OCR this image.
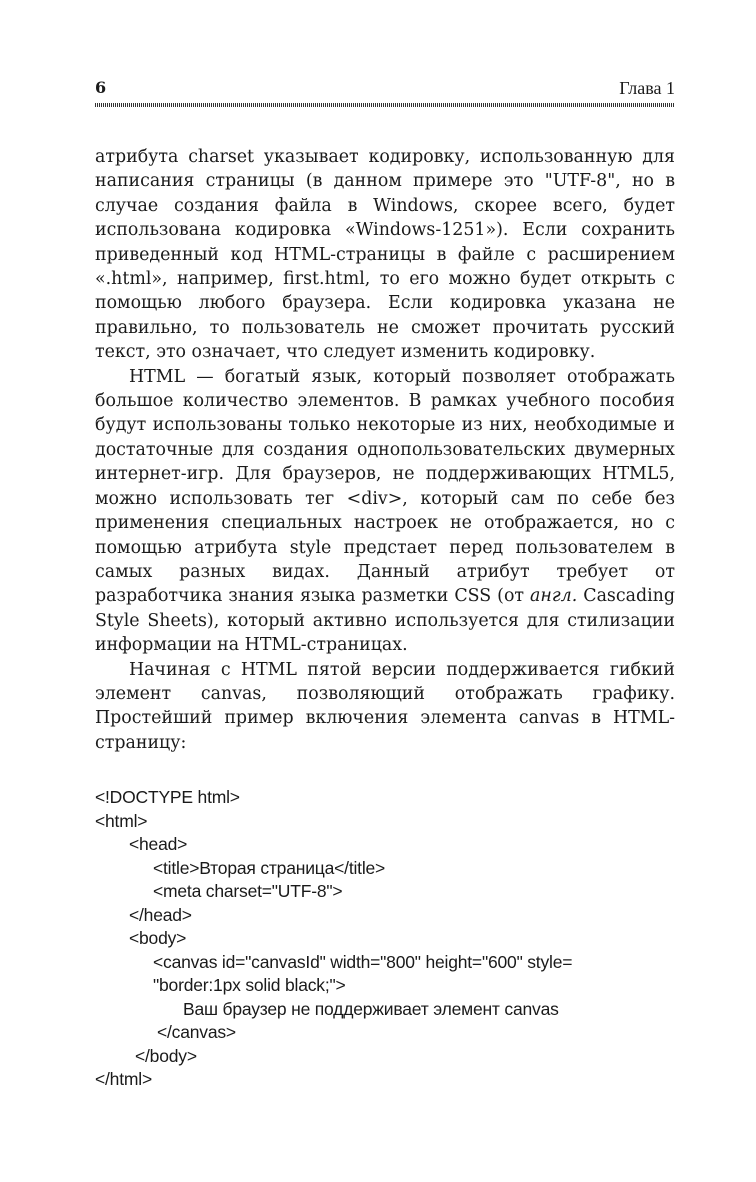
6	Глава 1

атрибута charset указывает кодировку, использованную для написания страницы (в данном примере это "UTF-8", но в случае создания файла в Windows, скорее всего, будет использована кодировка «Windows-1251»). Если сохранить приведенный код HTML-страницы в файле с расширением «.html», например, first.html, то его можно будет открыть с помощью любого браузера. Если кодировка указана не правильно, то пользователь не сможет прочитать русский текст, это означает, что следует изменить кодировку.

HTML — богатый язык, который позволяет отображать большое количество элементов. В рамках учебного пособия будут использованы только некоторые из них, необходимые и достаточные для создания однопользовательских двумерных интернет-игр. Для браузеров, не поддерживающих HTML5, можно использовать тег <div>, который сам по себе без применения специальных настроек не отображается, но с помощью атрибута style предстает перед пользователем в самых разных видах. Данный атрибут требует от разработчика знания языка разметки CSS (от англ. Cascading Style Sheets), который активно используется для стилизации информации на HTML-страницах.

Начиная с HTML пятой версии поддерживается гибкий элемент canvas, позволяющий отображать графику. Простейший пример включения элемента canvas в HTML-страницу:

<!DOCTYPE html>
<html>
<head>
<title>Вторая страница</title>
<meta charset="UTF-8">
</head>
<body>
<canvas id="canvasId" width="800" height="600" style=
"border:1px solid black;">
Ваш браузер не поддерживает элемент canvas
</canvas>
</body>
</html>
